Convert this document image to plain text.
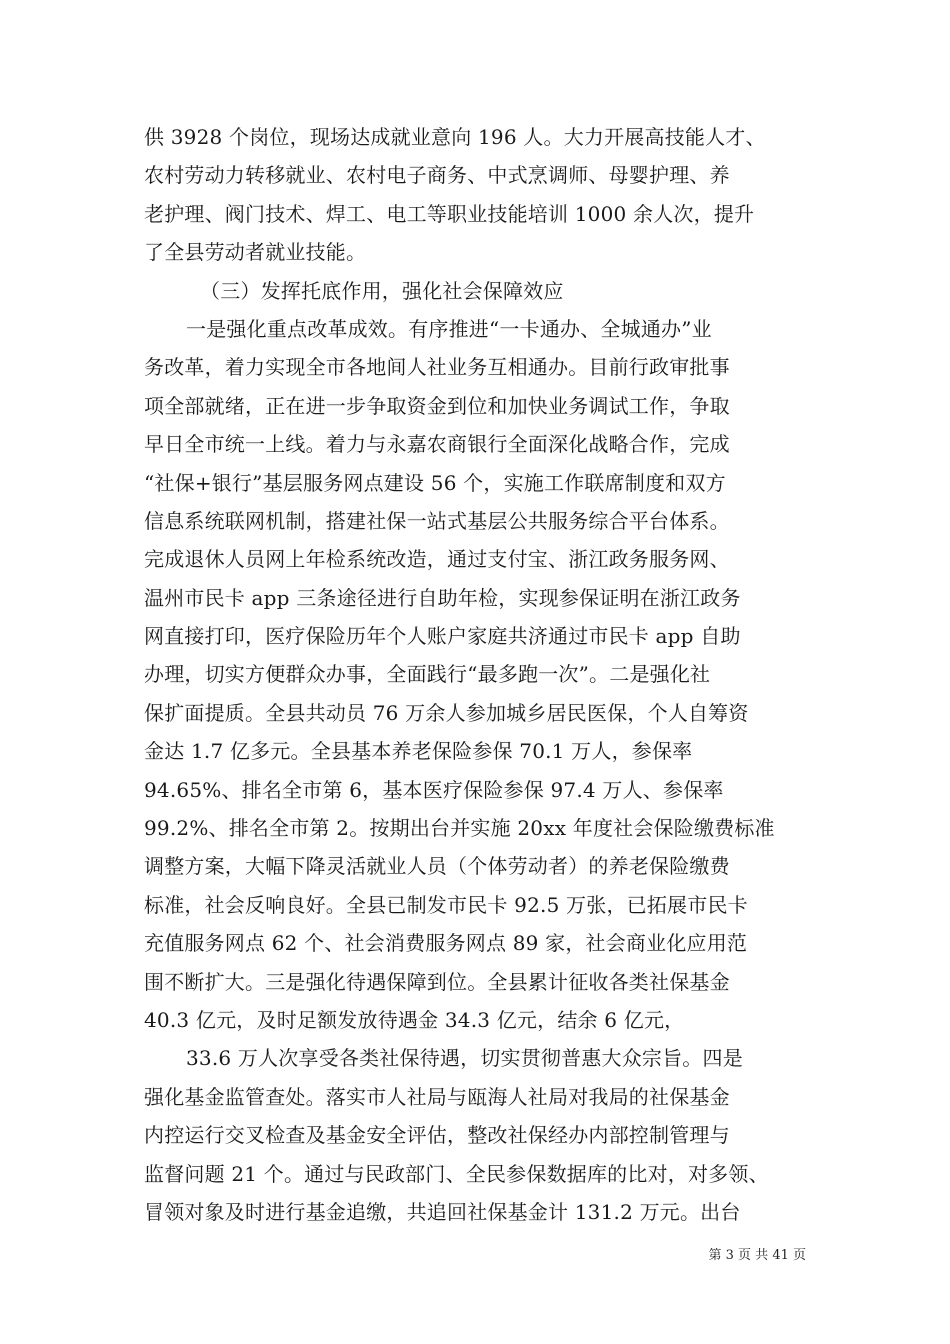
供 3928 个岗位，现场达成就业意向 196 人。大力开展高技能人才、
农村劳动力转移就业、农村电子商务、中式烹调师、母婴护理、养
老护理、阀门技术、焊工、电工等职业技能培训 1000 余人次，提升
了全县劳动者就业技能。
（三）发挥托底作用，强化社会保障效应
一是强化重点改革成效。有序推进“一卡通办、全城通办”业
务改革，着力实现全市各地间人社业务互相通办。目前行政审批事
项全部就绪，正在进一步争取资金到位和加快业务调试工作，争取
早日全市统一上线。着力与永嘉农商银行全面深化战略合作，完成
“社保+银行”基层服务网点建设 56 个，实施工作联席制度和双方
信息系统联网机制，搭建社保一站式基层公共服务综合平台体系。
完成退休人员网上年检系统改造，通过支付宝、浙江政务服务网、
温州市民卡 app 三条途径进行自助年检，实现参保证明在浙江政务
网直接打印，医疗保险历年个人账户家庭共济通过市民卡 app 自助
办理，切实方便群众办事，全面践行“最多跑一次”。二是强化社
保扩面提质。全县共动员 76 万余人参加城乡居民医保，个人自筹资
金达 1.7 亿多元。全县基本养老保险参保 70.1 万人，参保率
94.65%、排名全市第 6，基本医疗保险参保 97.4 万人、参保率
99.2%、排名全市第 2。按期出台并实施 20xx 年度社会保险缴费标准
调整方案，大幅下降灵活就业人员（个体劳动者）的养老保险缴费
标准，社会反响良好。全县已制发市民卡 92.5 万张，已拓展市民卡
充值服务网点 62 个、社会消费服务网点 89 家，社会商业化应用范
围不断扩大。三是强化待遇保障到位。全县累计征收各类社保基金
40.3 亿元，及时足额发放待遇金 34.3 亿元，结余 6 亿元，
33.6 万人次享受各类社保待遇，切实贯彻普惠大众宗旨。四是
强化基金监管查处。落实市人社局与瓯海人社局对我局的社保基金
内控运行交叉检查及基金安全评估，整改社保经办内部控制管理与
监督问题 21 个。通过与民政部门、全民参保数据库的比对，对多领、
冒领对象及时进行基金追缴，共追回社保基金计 131.2 万元。出台
第 3 页 共 41 页
